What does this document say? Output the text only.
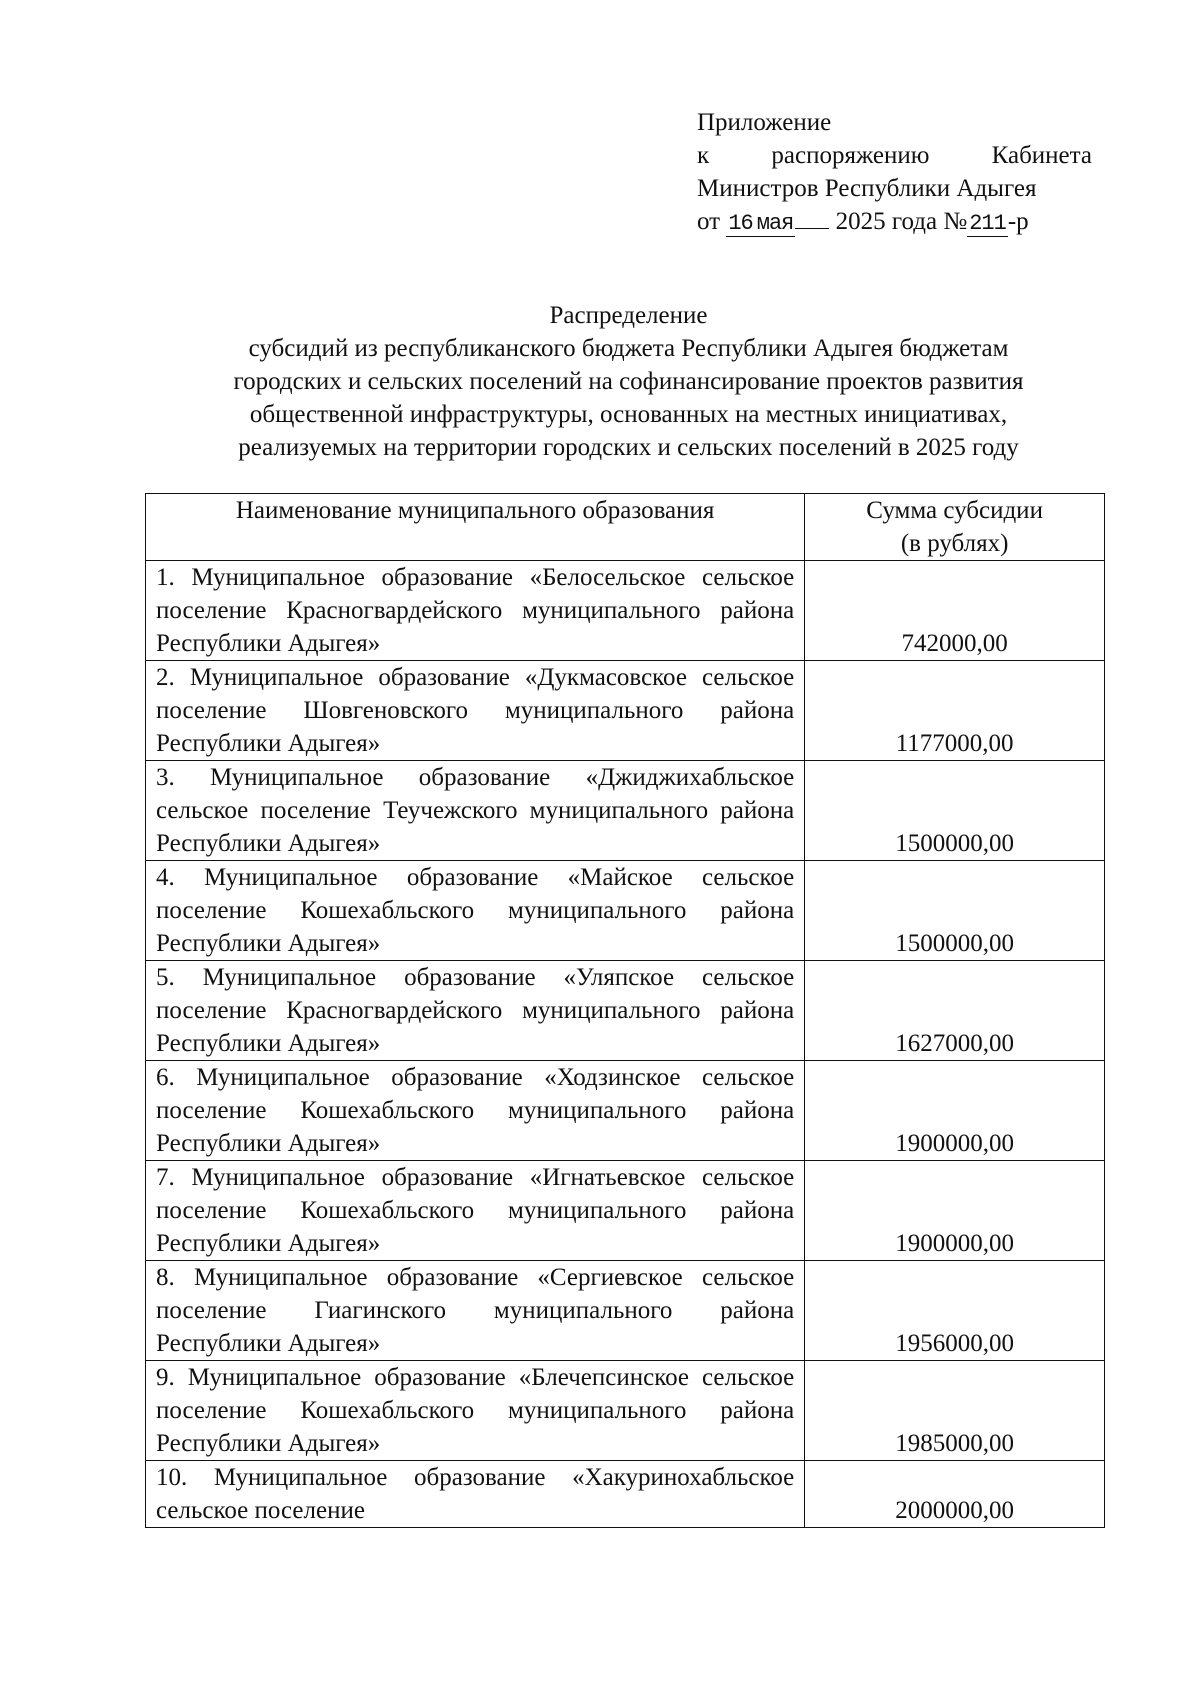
Приложение
к распоряжению Кабинета
Министров Республики Адыгея
от 16 мая 2025 года №211-р
Распределение
субсидий из республиканского бюджета Республики Адыгея бюджетам
городских и сельских поселений на софинансирование проектов развития
общественной инфраструктуры, основанных на местных инициативах,
реализуемых на территории городских и сельских поселений в 2025 году
Наименование муниципального образования	Сумма субсидии
(в рублях)
1. Муниципальное образование «Белосельское сельское поселение Красногвардейского муниципального района Республики Адыгея»	742000,00
2. Муниципальное образование «Дукмасовское сельское поселение Шовгеновского муниципального района Республики Адыгея»	1177000,00
3. Муниципальное образование «Джиджихабльское сельское поселение Теучежского муниципального района Республики Адыгея»	1500000,00
4. Муниципальное образование «Майское сельское поселение Кошехабльского муниципального района Республики Адыгея»	1500000,00
5. Муниципальное образование «Уляпское сельское поселение Красногвардейского муниципального района Республики Адыгея»	1627000,00
6. Муниципальное образование «Ходзинское сельское поселение Кошехабльского муниципального района Республики Адыгея»	1900000,00
7. Муниципальное образование «Игнатьевское сельское поселение Кошехабльского муниципального района Республики Адыгея»	1900000,00
8. Муниципальное образование «Сергиевское сельское поселение Гиагинского муниципального района Республики Адыгея»	1956000,00
9. Муниципальное образование «Блечепсинское сельское поселение Кошехабльского муниципального района Республики Адыгея»	1985000,00
10. Муниципальное образование «Хакуринохабльское сельское поселение	2000000,00
